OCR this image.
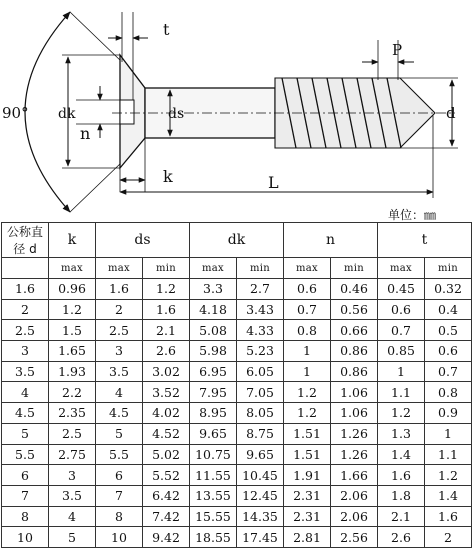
t
P
dk	ds
n
k	L
d
90°
单位：㎜
公称直径 d	k	ds		dk		n		t	
	max	max	min	max	min	max	min	max	min
1.6	0.96	1.6	1.2	3.3	2.7	0.6	0.46	0.45	0.32
2	1.2	2	1.6	4.18	3.43	0.7	0.56	0.6	0.4
2.5	1.5	2.5	2.1	5.08	4.33	0.8	0.66	0.7	0.5
3	1.65	3	2.6	5.98	5.23	1	0.86	0.85	0.6
3.5	1.93	3.5	3.02	6.95	6.05	1	0.86	1	0.7
4	2.2	4	3.52	7.95	7.05	1.2	1.06	1.1	0.8
4.5	2.35	4.5	4.02	8.95	8.05	1.2	1.06	1.2	0.9
5	2.5	5	4.52	9.65	8.75	1.51	1.26	1.3	1
5.5	2.75	5.5	5.02	10.75	9.65	1.51	1.26	1.4	1.1
6	3	6	5.52	11.55	10.45	1.91	1.66	1.6	1.2
7	3.5	7	6.42	13.55	12.45	2.31	2.06	1.8	1.4
8	4	8	7.42	15.55	14.35	2.31	2.06	2.1	1.6
10	5	10	9.42	18.55	17.45	2.81	2.56	2.6	2
